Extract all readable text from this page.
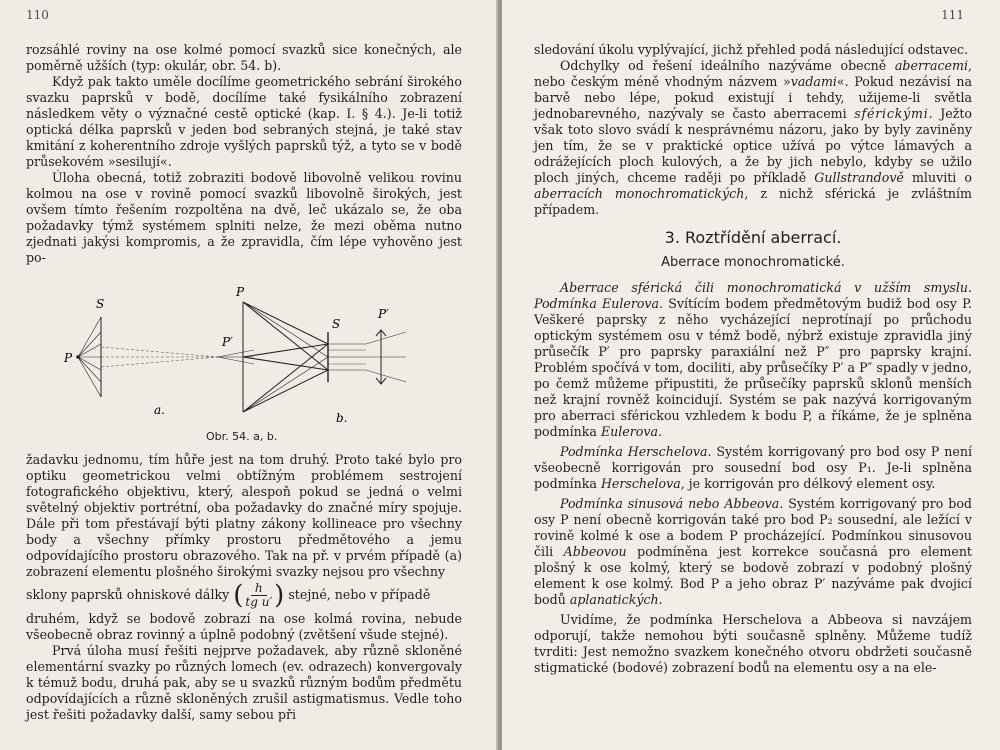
110

rozsáhlé roviny na ose kolmé pomocí svazků sice konečných, ale poměrně užších (typ: okulár, obr. 54. b).

Když pak takto uměle docílíme geometrického sebrání širokého svazku paprsků v bodě, docílíme také fysikálního zobrazení následkem věty o význačné cestě optické (kap. I. § 4.). Je-li totiž optická délka paprsků v jeden bod sebraných stejná, je také stav kmitání z koherentního zdroje vyšlých paprsků týž, a tyto se v bodě průsekovém »sesilují«.

Úloha obecná, totiž zobraziti bodově libovolně velikou rovinu kolmou na ose v rovině pomocí svazků libovolně širokých, jest ovšem tímto řešením rozpoltěna na dvě, leč ukázalo se, že oba požadavky týmž systémem splniti nelze, že mezi oběma nutno zjednati jakýsi kompromis, a že zpravidla, čím lépe vyhověno jest po-

S
P
P′
a.
P
S
P′
b.
Obr. 54. a, b.

žadavku jednomu, tím hůře jest na tom druhý. Proto také bylo pro optiku geometrickou velmi obtížným problémem sestrojení fotografického objektivu, který, alespoň pokud se jedná o velmi světelný objektiv portrétní, oba požadavky do značné míry spojuje. Dále při tom přestávají býti platny zákony kollineace pro všechny body a všechny přímky prostoru předmětového a jemu odpovídajícího prostoru obrazového. Tak na př. v prvém případě (a) zobrazení elementu plošného širokými svazky nejsou pro všechny

sklony paprsků ohniskové dálky ( $\frac{h}{\text{tg u′}}$ ) stejné, nebo v případě

druhém, když se bodově zobrazí na ose kolmá rovina, nebude všeobecně obraz rovinný a úplně podobný (zvětšení všude stejné).

Prvá úloha musí řešiti nejprve požadavek, aby různě skloněné elementární svazky po různých lomech (ev. odrazech) konvergovaly k témuž bodu, druhá pak, aby se u svazků různým bodům předmětu odpovídajících a různě skloněných zrušil astigmatismus. Vedle toho jest řešiti požadavky další, samy sebou při

111

sledování úkolu vyplývající, jichž přehled podá následující odstavec.

Odchylky od řešení ideálního nazýváme obecně aberracemi, nebo českým méně vhodným názvem »vadami«. Pokud nezávisí na barvě nebo lépe, pokud existují i tehdy, užijeme-li světla jednobarevného, nazývaly se často aberracemi sférickými. Ježto však toto slovo svádí k nesprávnému názoru, jako by byly zaviněny jen tím, že se v praktické optice užívá po výtce lámavých a odrážejících ploch kulových, a že by jich nebylo, kdyby se užilo ploch jiných, chceme raději po příkladě Gullstrandově mluviti o aberracích monochromatických, z nichž sférická je zvláštním případem.

3. Roztřídění aberrací.
Aberrace monochromatické.

Aberrace sférická čili monochromatická v užším smyslu. Podmínka Eulerova. Svítícím bodem předmětovým budiž bod osy P. Veškeré paprsky z něho vycházející neprotínají po průchodu optickým systémem osu v témž bodě, nýbrž existuje zpravidla jiný průsečík P′ pro paprsky paraxiální než P″ pro paprsky krajní. Problém spočívá v tom, dociliti, aby průsečíky P′ a P″ spadly v jedno, po čemž můžeme připustiti, že průsečíky paprsků sklonů menších než krajní rovněž koincidují. Systém se pak nazývá korrigovaným pro aberraci sférickou vzhledem k bodu P, a říkáme, že je splněna podmínka Eulerova.

Podmínka Herschelova. Systém korrigovaný pro bod osy P není všeobecně korrigován pro sousední bod osy P₁. Je-li splněna podmínka Herschelova, je korrigován pro délkový element osy.

Podmínka sinusová nebo Abbeova. Systém korrigovaný pro bod osy P není obecně korrigován také pro bod P₂ sousední, ale ležící v rovině kolmé k ose a bodem P procházející. Podmínkou sinusovou čili Abbeovou podmíněna jest korrekce současná pro element plošný k ose kolmý, který se bodově zobrazí v podobný plošný element k ose kolmý. Bod P a jeho obraz P′ nazýváme pak dvojicí bodů aplanatických.

Uvidíme, že podmínka Herschelova a Abbeova si navzájem odporují, takže nemohou býti současně splněny. Můžeme tudíž tvrditi: Jest nemožno svazkem konečného otvoru obdržeti současně stigmatické (bodové) zobrazení bodů na elementu osy a na ele-
